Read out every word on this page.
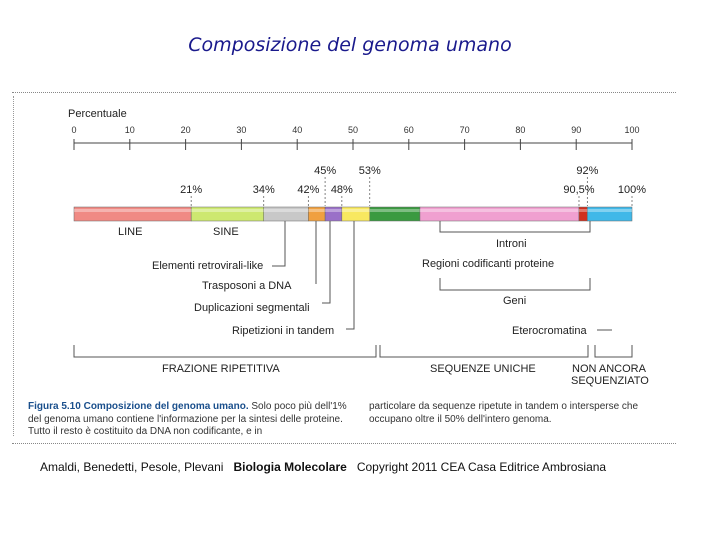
Composizione del genoma umano
Percentuale
0	10	20	30	40	50	60	70	80	90	100
45% 53%	92%
21%	34% 42% 48%	90,5% 100%
LINE	SINE
Elementi retrovirali-like
Trasposoni a DNA
Duplicazioni segmentali
Ripetizioni in tandem
Introni
Regioni codificanti proteine
Geni
Eterocromatina
FRAZIONE RIPETITIVA	SEQUENZE UNICHE	NON ANCORA
SEQUENZIATO
Figura 5.10 Composizione del genoma umano. Solo poco più dell'1% del genoma umano contiene l'informazione per la sintesi delle proteine. Tutto il resto è costituito da DNA non codificante, e in
particolare da sequenze ripetute in tandem o interspersе che occupano oltre il 50% dell'intero genoma.
Amaldi, Benedetti, Pesole, Plevani Biologia Molecolare Copyright 2011 CEA Casa Editrice Ambrosiana
